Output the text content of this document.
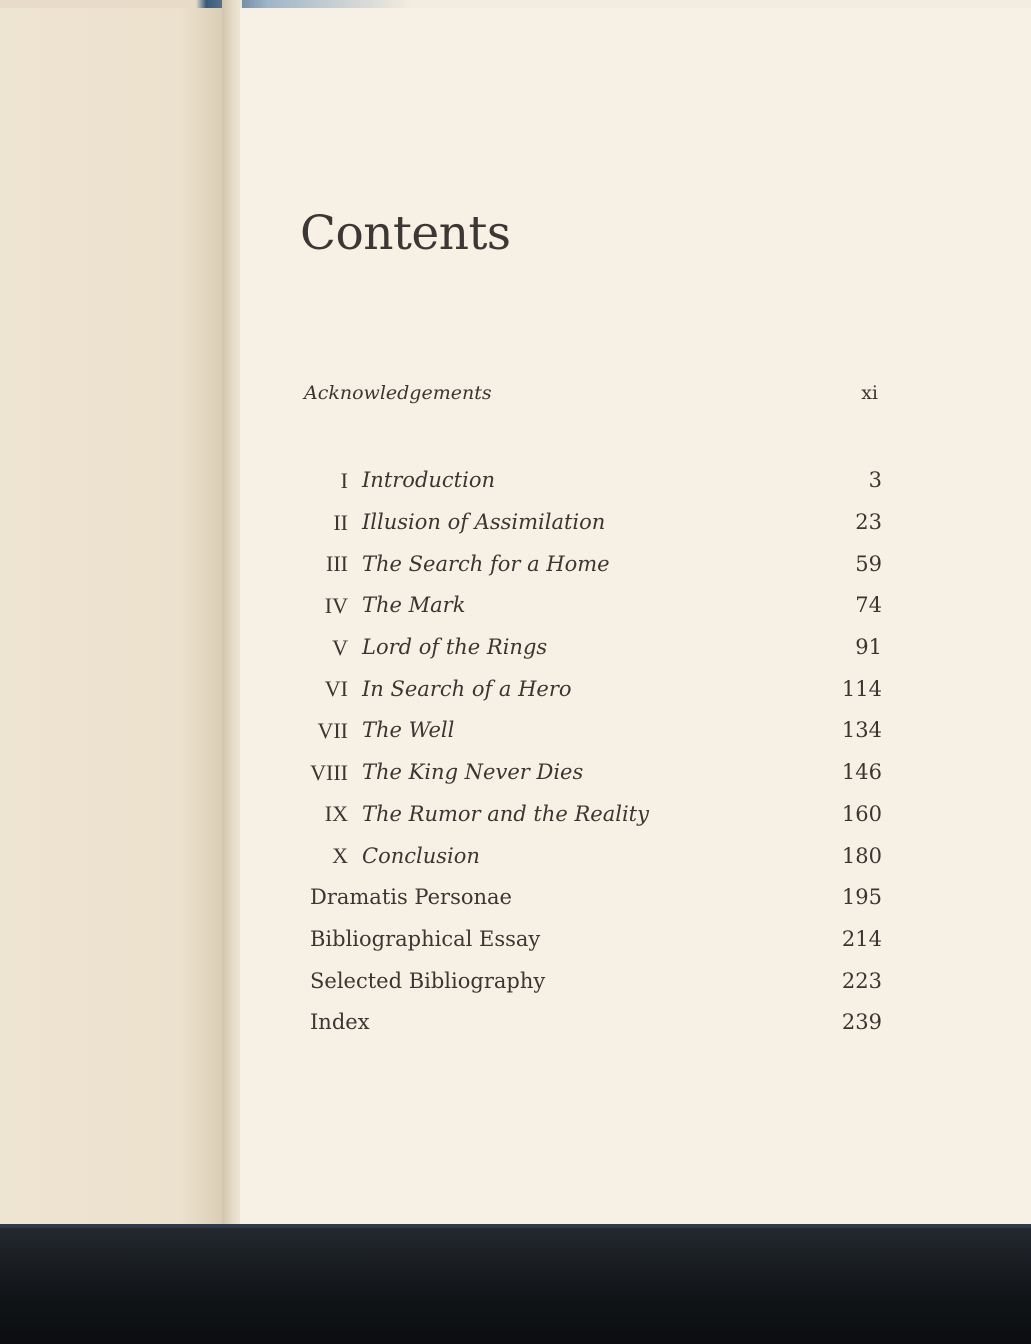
Contents
Acknowledgements	xi
I Introduction	3
II Illusion of Assimilation	23
III The Search for a Home	59
IV The Mark	74
V Lord of the Rings	91
VI In Search of a Hero	114
VII The Well	134
VIII The King Never Dies	146
IX The Rumor and the Reality	160
X Conclusion	180
Dramatis Personae	195
Bibliographical Essay	214
Selected Bibliography	223
Index	239
